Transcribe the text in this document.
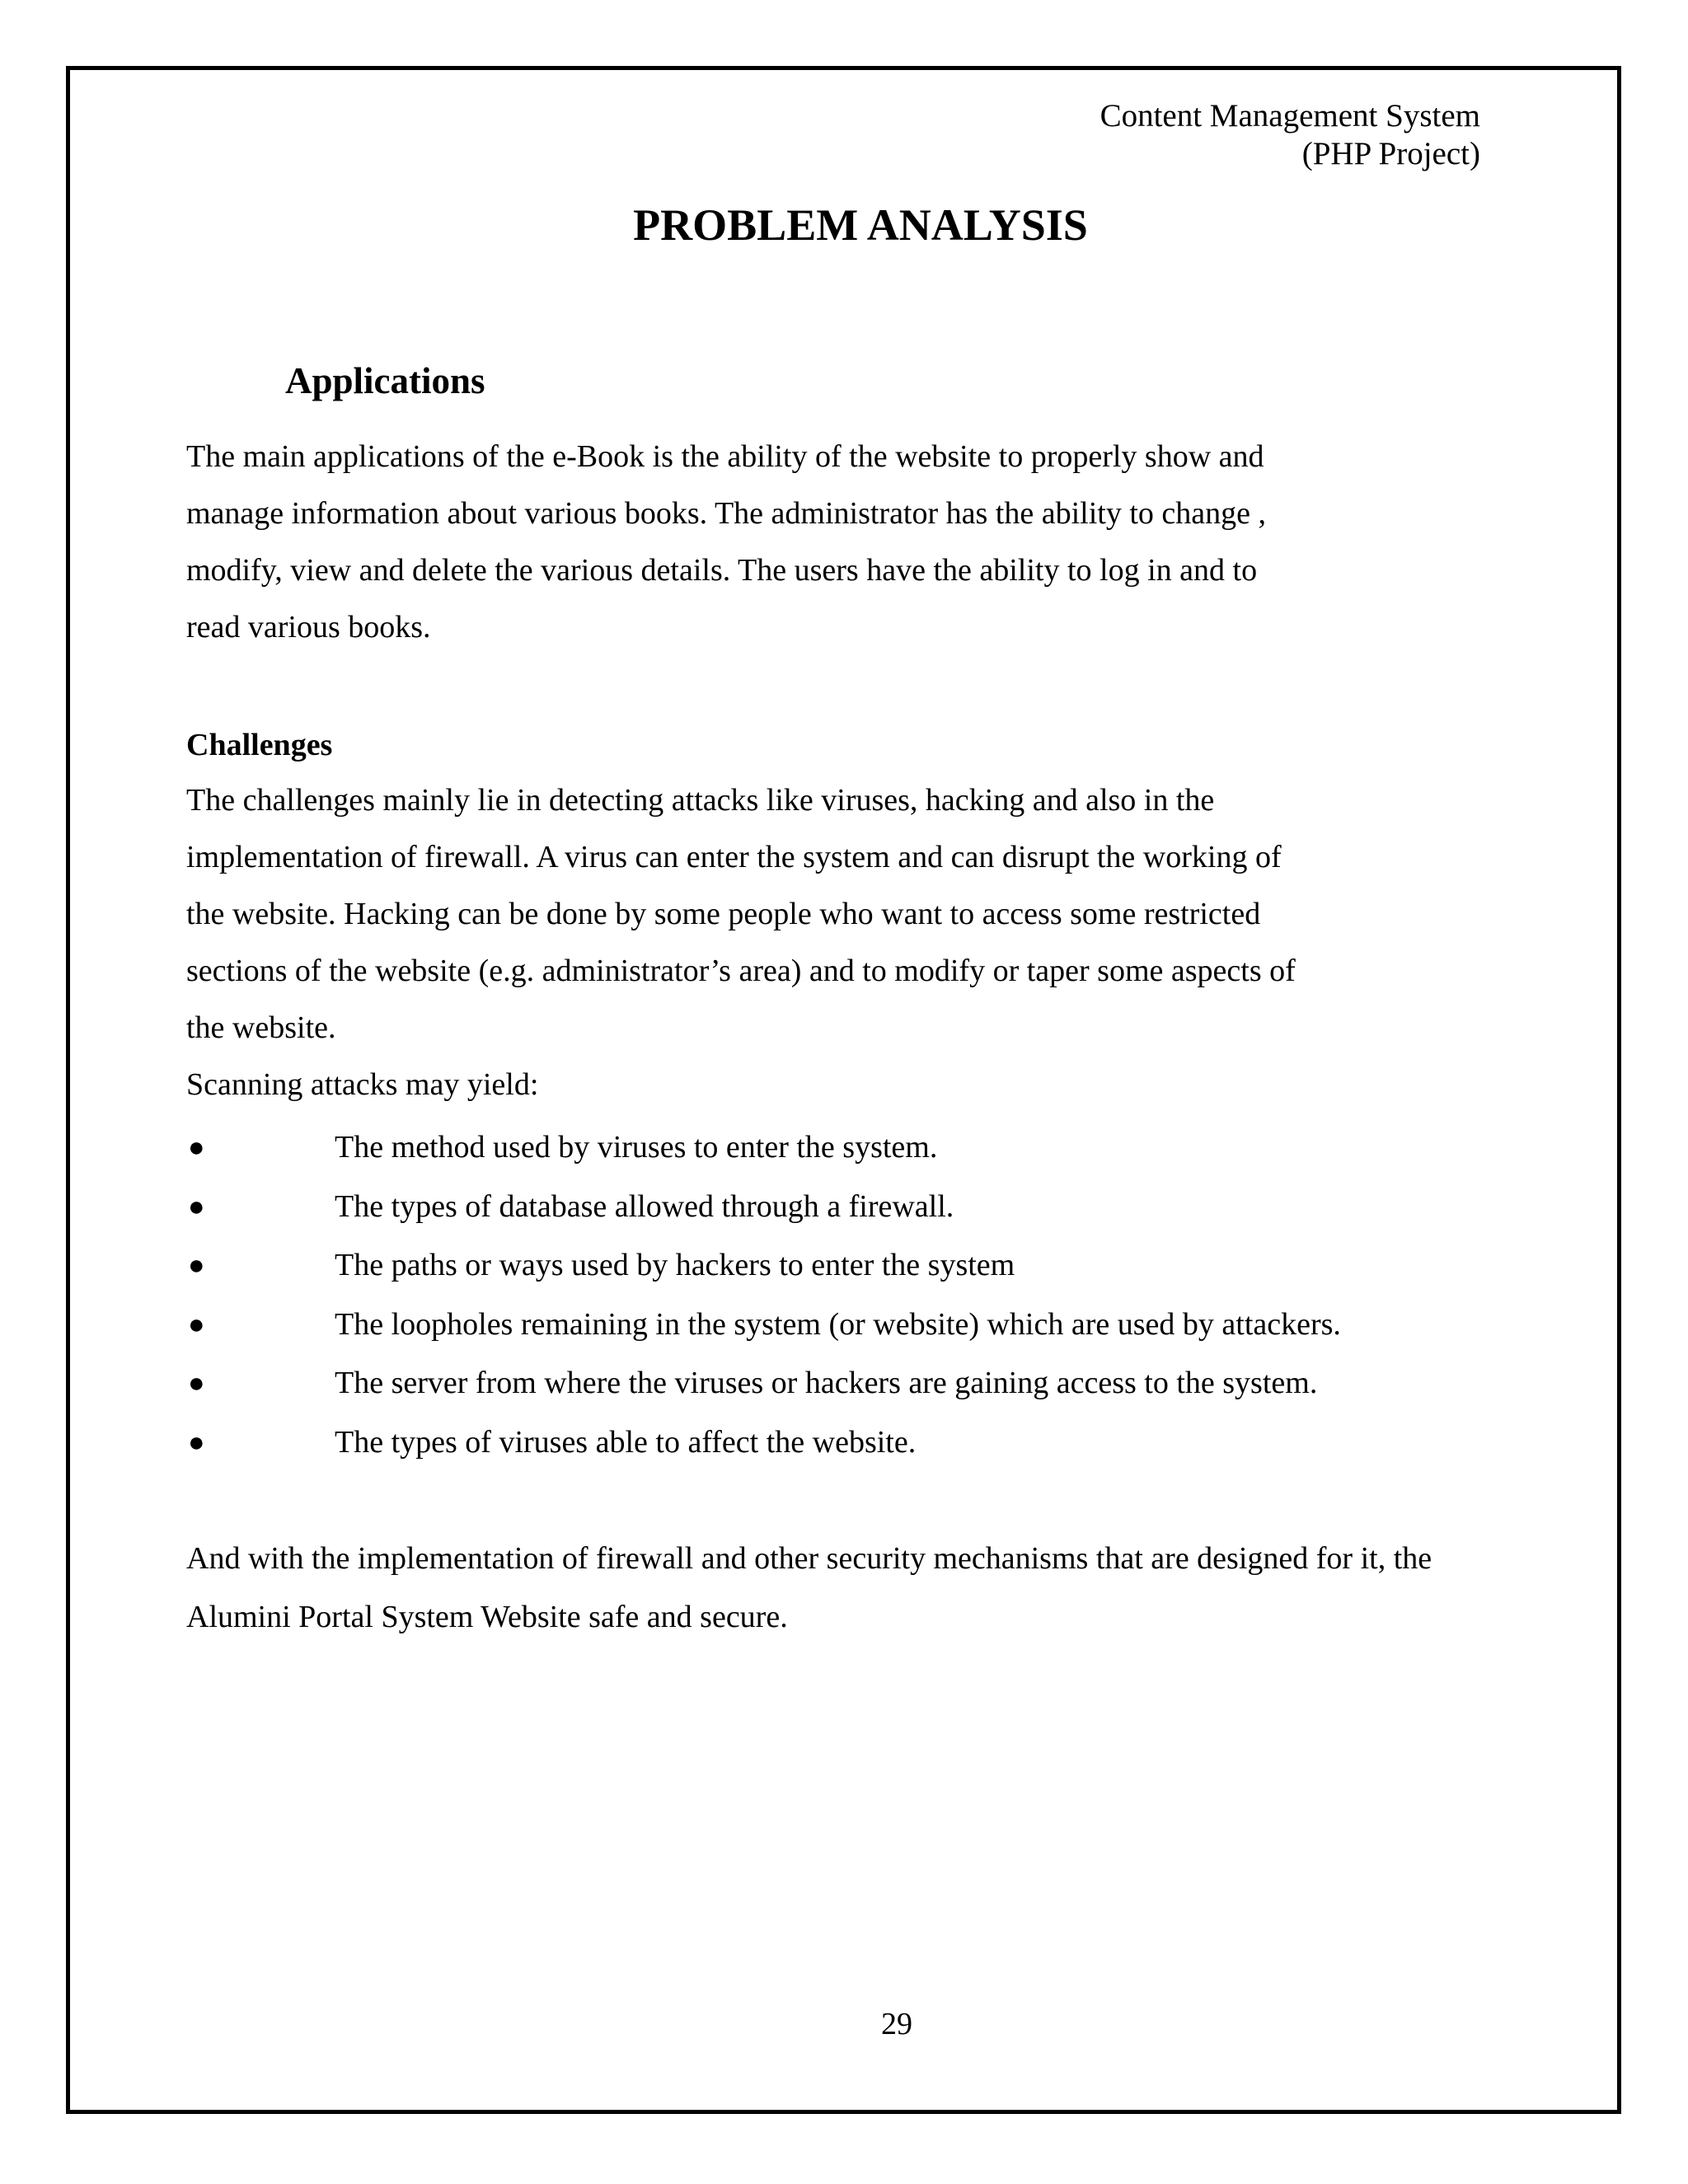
Content Management System
(PHP Project)
PROBLEM ANALYSIS
Applications
The main applications of the e-Book is the ability of the website to properly show and
manage information about various books. The administrator has the ability to change ,
modify, view and delete the various details. The users have the ability to log in and to
read various books.
Challenges
The challenges mainly lie in detecting attacks like viruses, hacking and also in the
implementation of firewall. A virus can enter the system and can disrupt the working of
the website. Hacking can be done by some people who want to access some restricted
sections of the website (e.g. administrator’s area) and to modify or taper some aspects of
the website.
Scanning attacks may yield:
●	The method used by viruses to enter the system.
●	The types of database allowed through a firewall.
●	The paths or ways used by hackers to enter the system
●	The loopholes remaining in the system (or website) which are used by attackers.
●	The server from where the viruses or hackers are gaining access to the system.
●	The types of viruses able to affect the website.
And with the implementation of firewall and other security mechanisms that are designed for it, the
Alumini Portal System Website safe and secure.
29
